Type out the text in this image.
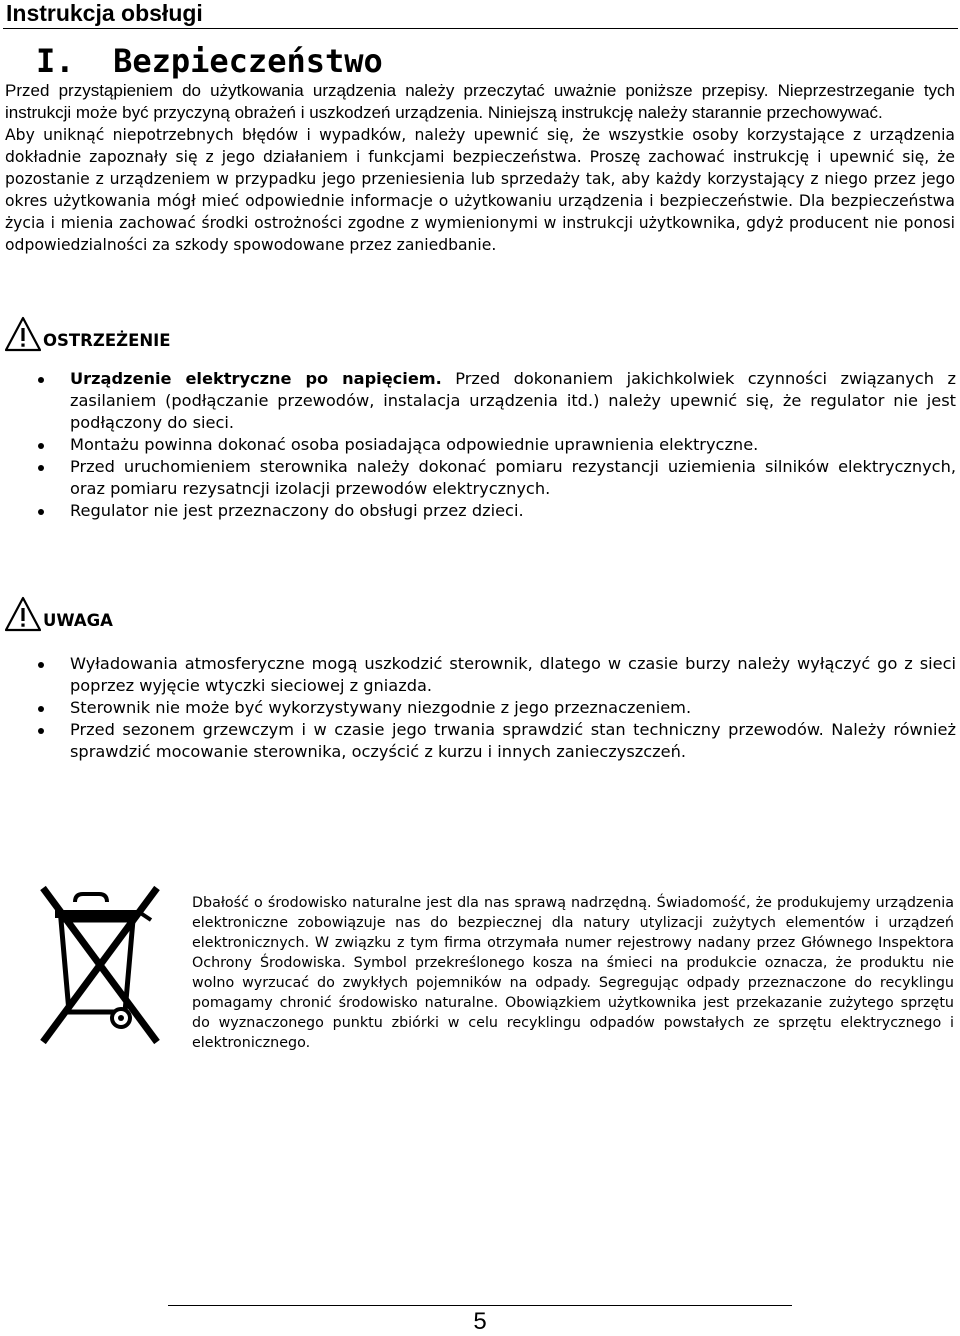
Instrukcja obsługi
I.  Bezpieczeństwo

Przed przystąpieniem do użytkowania urządzenia należy przeczytać uważnie poniższe przepisy. Nieprzestrzeganie tych instrukcji może być przyczyną obrażeń i uszkodzeń urządzenia. Niniejszą instrukcję należy starannie przechowywać.

Aby uniknąć niepotrzebnych błędów i wypadków, należy upewnić się, że wszystkie osoby korzystające z urządzenia dokładnie zapoznały się z jego działaniem i funkcjami bezpieczeństwa. Proszę zachować instrukcję i upewnić się, że pozostanie z urządzeniem w przypadku jego przeniesienia lub sprzedaży tak, aby każdy korzystający z niego przez jego okres użytkowania mógł mieć odpowiednie informacje o użytkowaniu urządzenia i bezpieczeństwie. Dla bezpieczeństwa życia i mienia zachować środki ostrożności zgodne z wymienionymi w instrukcji użytkownika, gdyż producent nie ponosi odpowiedzialności za szkody spowodowane przez zaniedbanie.

OSTRZEŻENIE
Urządzenie elektryczne po napięciem. Przed dokonaniem jakichkolwiek czynności związanych z zasilaniem (podłączanie przewodów, instalacja urządzenia itd.) należy upewnić się, że regulator nie jest podłączony do sieci.
Montażu powinna dokonać osoba posiadająca odpowiednie uprawnienia elektryczne.
Przed uruchomieniem sterownika należy dokonać pomiaru rezystancji uziemienia silników elektrycznych, oraz pomiaru rezysatncji izolacji przewodów elektrycznych.
Regulator nie jest przeznaczony do obsługi przez dzieci.
UWAGA
Wyładowania atmosferyczne mogą uszkodzić sterownik, dlatego w czasie burzy należy wyłączyć go z sieci poprzez wyjęcie wtyczki sieciowej z gniazda.
Sterownik nie może być wykorzystywany niezgodnie z jego przeznaczeniem.
Przed sezonem grzewczym i w czasie jego trwania sprawdzić stan techniczny przewodów. Należy również sprawdzić mocowanie sterownika, oczyścić z kurzu i innych zanieczyszczeń.

Dbałość o środowisko naturalne jest dla nas sprawą nadrzędną. Świadomość, że produkujemy urządzenia elektroniczne zobowiązuje nas do bezpiecznej dla natury utylizacji zużytych elementów i urządzeń elektronicznych. W związku z tym firma otrzymała numer rejestrowy nadany przez Głównego Inspektora Ochrony Środowiska. Symbol przekreślonego kosza na śmieci na produkcie oznacza, że produktu nie wolno wyrzucać do zwykłych pojemników na odpady. Segregując odpady przeznaczone do recyklingu pomagamy chronić środowisko naturalne. Obowiązkiem użytkownika jest przekazanie zużytego sprzętu do wyznaczonego punktu zbiórki w celu recyklingu odpadów powstałych ze sprzętu elektrycznego i elektronicznego.

5
